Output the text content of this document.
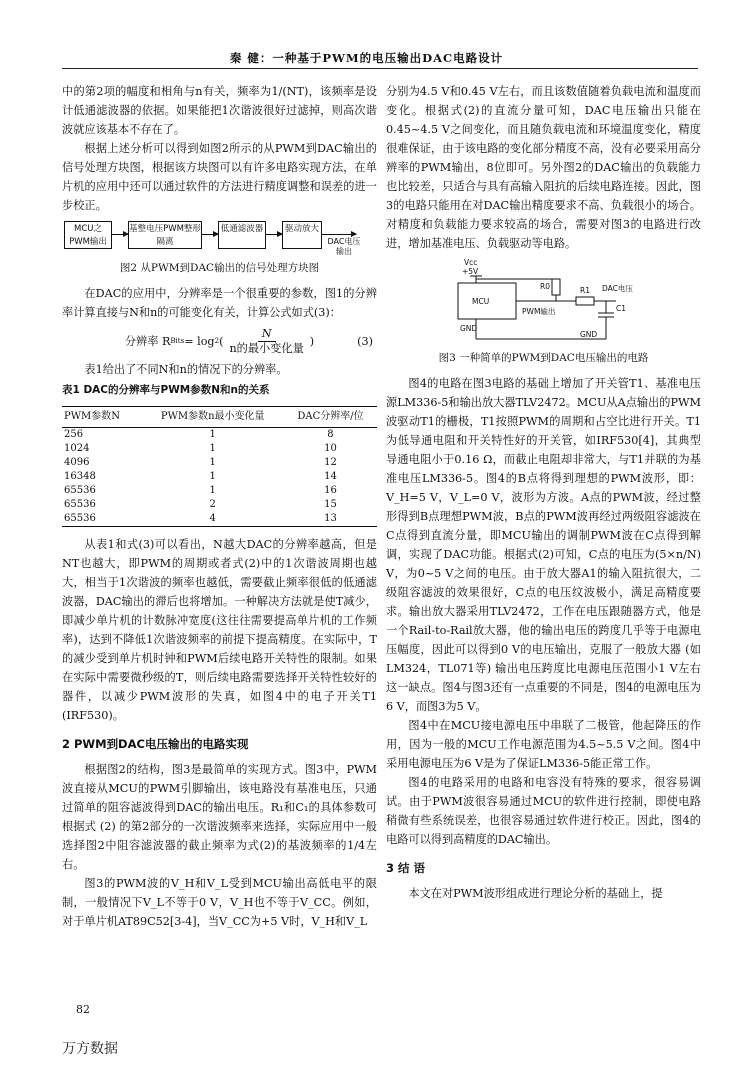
秦 健：一种基于PWM的电压输出DAC电路设计

中的第2项的幅度和相角与n有关，频率为1/(NT)，该频率是设计低通滤波器的依据。如果能把1次谐波很好过滤掉，则高次谐波就应该基本不存在了。

根据上述分析可以得到如图2所示的从PWM到DAC输出的信号处理方块图，根据该方块图可以有许多电路实现方法，在单片机的应用中还可以通过软件的方法进行精度调整和误差的进一步校正。

MCU之PWM输出
基整电压PWM整形隔离
低通滤波器	驱动放大
DAC电压输出
图2 从PWM到DAC输出的信号处理方块图

在DAC的应用中，分辨率是一个很重要的参数，图1的分辨率计算直接与N和n的可能变化有关，计算公式如式(3)：

分辨率 R Bits = log 2 ( $\frac{N}{\text{n的最小变化量}}$ )	(3)

表1给出了不同N和n的情况下的分辨率。

表1 DAC的分辨率与PWM参数N和n的关系
PWM参数N	PWM参数n最小变化量	DAC分辨率/位
256	1	8
1024	1	10
4096	1	12
16348	1	14
65536	1	16
65536	2	15
65536	4	13

从表1和式(3)可以看出，N越大DAC的分辨率越高，但是NT也越大，即PWM的周期或者式(2)中的1次谐波周期也越大，相当于1次谐波的频率也越低，需要截止频率很低的低通滤波器，DAC输出的滞后也将增加。一种解决方法就是使T减少，即减少单片机的计数脉冲宽度(这往往需要提高单片机的工作频率)，达到不降低1次谐波频率的前提下提高精度。在实际中，T的减少受到单片机时钟和PWM后续电路开关特性的限制。如果在实际中需要微秒级的T，则后续电路需要选择开关特性较好的器件，以减少PWM波形的失真，如图4中的电子开关T1 (IRF530)。

2 PWM到DAC电压输出的电路实现

根据图2的结构，图3是最简单的实现方式。图3中，PWM波直接从MCU的PWM引脚输出，该电路没有基准电压，只通过简单的阻容滤波得到DAC的输出电压。R₁和C₁的具体参数可根据式 (2) 的第2部分的一次谐波频率来选择，实际应用中一般选择图2中阻容滤波器的截止频率为式(2)的基波频率的1/4左右。

图3的PWM波的V_H和V_L受到MCU输出高低电平的限制，一般情况下V_L不等于0 V，V_H也不等于V_CC。例如，对于单片机AT89C52[3-4]，当V_CC为+5 V时，V_H和V_L

分别为4.5 V和0.45 V左右，而且该数值随着负载电流和温度而变化。根据式(2)的直流分量可知，DAC电压输出只能在0.45~4.5 V之间变化，而且随负载电流和环境温度变化，精度很难保证，由于该电路的变化部分精度不高，没有必要采用高分辨率的PWM输出，8位即可。另外图2的DAC输出的负载能力也比较差，只适合与具有高输入阻抗的后续电路连接。因此，图3的电路只能用在对DAC输出精度要求不高、负载很小的场合。对精度和负载能力要求较高的场合，需要对图3的电路进行改进，增加基准电压、负载驱动等电路。

Vcc
+5V
MCU
GND
PWM输出
R0	R1
C1
DAC电压
GND
图3 一种简单的PWM到DAC电压输出的电路

图4的电路在图3电路的基础上增加了开关管T1、基准电压源LM336-5和输出放大器TLV2472。MCU从A点输出的PWM波驱动T1的栅极，T1按照PWM的周期和占空比进行开关。T1为低导通电阻和开关特性好的开关管，如IRF530[4]，其典型导通电阻小于0.16 Ω，而截止电阻却非常大，与T1并联的为基准电压LM336-5。图4的B点将得到理想的PWM波形，即：V_H=5 V，V_L=0 V，波形为方波。A点的PWM波，经过整形得到B点理想PWM波，B点的PWM波再经过两级阻容滤波在C点得到直流分量，即MCU输出的调制PWM波在C点得到解调，实现了DAC功能。根据式(2)可知，C点的电压为(5×n/N) V，为0~5 V之间的电压。由于放大器A1的输入阻抗很大，二级阻容滤波的效果很好，C点的电压纹波极小，满足高精度要求。输出放大器采用TLV2472，工作在电压跟随器方式，他是一个Rail-to-Rail放大器，他的输出电压的跨度几乎等于电源电压幅度，因此可以得到0 V的电压输出，克服了一般放大器 (如LM324，TL071等) 输出电压跨度比电源电压范围小1 V左右这一缺点。图4与图3还有一点重要的不同是，图4的电源电压为6 V，而图3为5 V。

图4中在MCU接电源电压中串联了二极管，他起降压的作用，因为一般的MCU工作电源范围为4.5~5.5 V之间。图4中采用电源电压为6 V是为了保证LM336-5能正常工作。

图4的电路采用的电路和电容没有特殊的要求，很容易调试。由于PWM波很容易通过MCU的软件进行控制，即使电路稍微有些系统误差，也很容易通过软件进行校正。因此，图4的电路可以得到高精度的DAC输出。

3 结 语

本文在对PWM波形组成进行理论分析的基础上，提

82
万方数据
